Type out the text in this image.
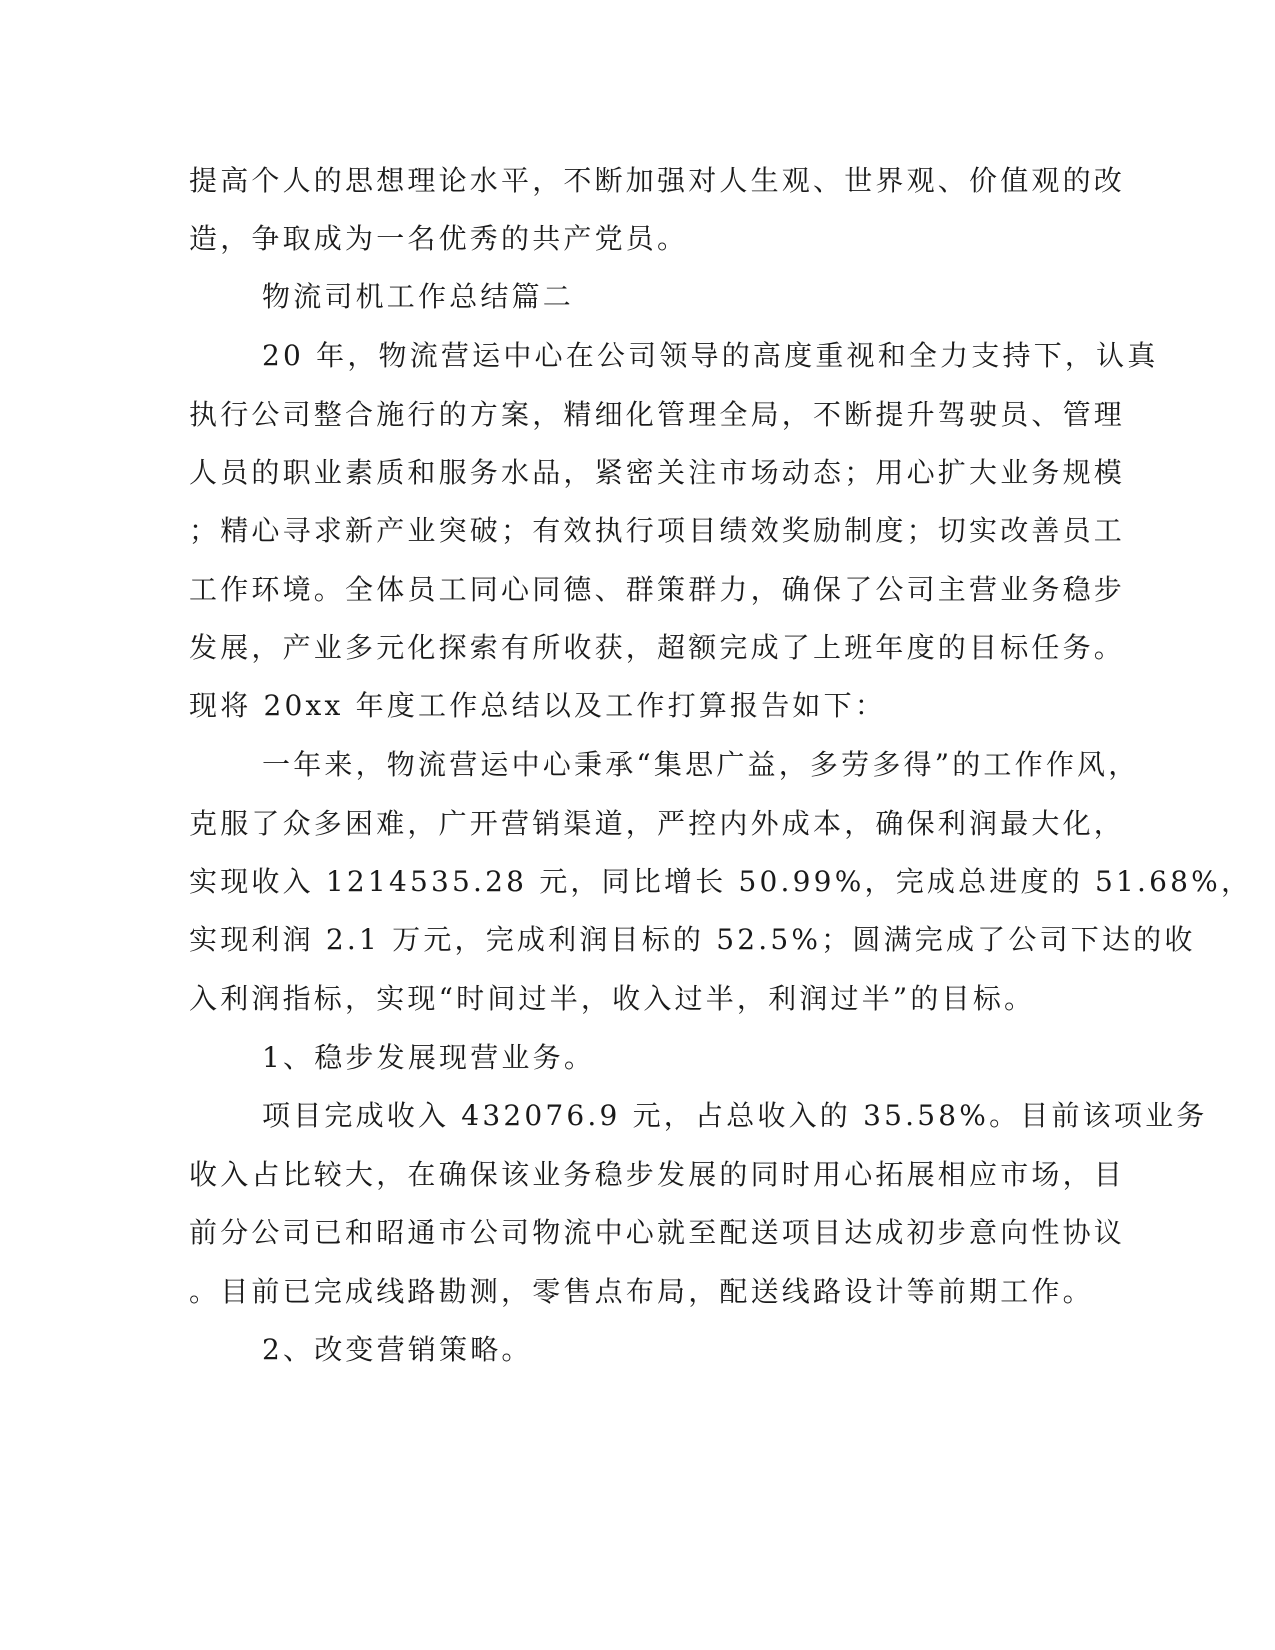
提高个人的思想理论水平，不断加强对人生观、世界观、价值观的改
造，争取成为一名优秀的共产党员。
物流司机工作总结篇二
20 年，物流营运中心在公司领导的高度重视和全力支持下，认真
执行公司整合施行的方案，精细化管理全局，不断提升驾驶员、管理
人员的职业素质和服务水品，紧密关注市场动态；用心扩大业务规模
；精心寻求新产业突破；有效执行项目绩效奖励制度；切实改善员工
工作环境。全体员工同心同德、群策群力，确保了公司主营业务稳步
发展，产业多元化探索有所收获，超额完成了上班年度的目标任务。
现将 20xx 年度工作总结以及工作打算报告如下：
一年来，物流营运中心秉承“集思广益，多劳多得”的工作作风，
克服了众多困难，广开营销渠道，严控内外成本，确保利润最大化，
实现收入 1214535.28 元，同比增长 50.99%，完成总进度的 51.68%，
实现利润 2.1 万元，完成利润目标的 52.5%；圆满完成了公司下达的收
入利润指标，实现“时间过半，收入过半，利润过半”的目标。
1、稳步发展现营业务。
项目完成收入 432076.9 元，占总收入的 35.58%。目前该项业务
收入占比较大，在确保该业务稳步发展的同时用心拓展相应市场，目
前分公司已和昭通市公司物流中心就至配送项目达成初步意向性协议
。目前已完成线路勘测，零售点布局，配送线路设计等前期工作。
2、改变营销策略。
